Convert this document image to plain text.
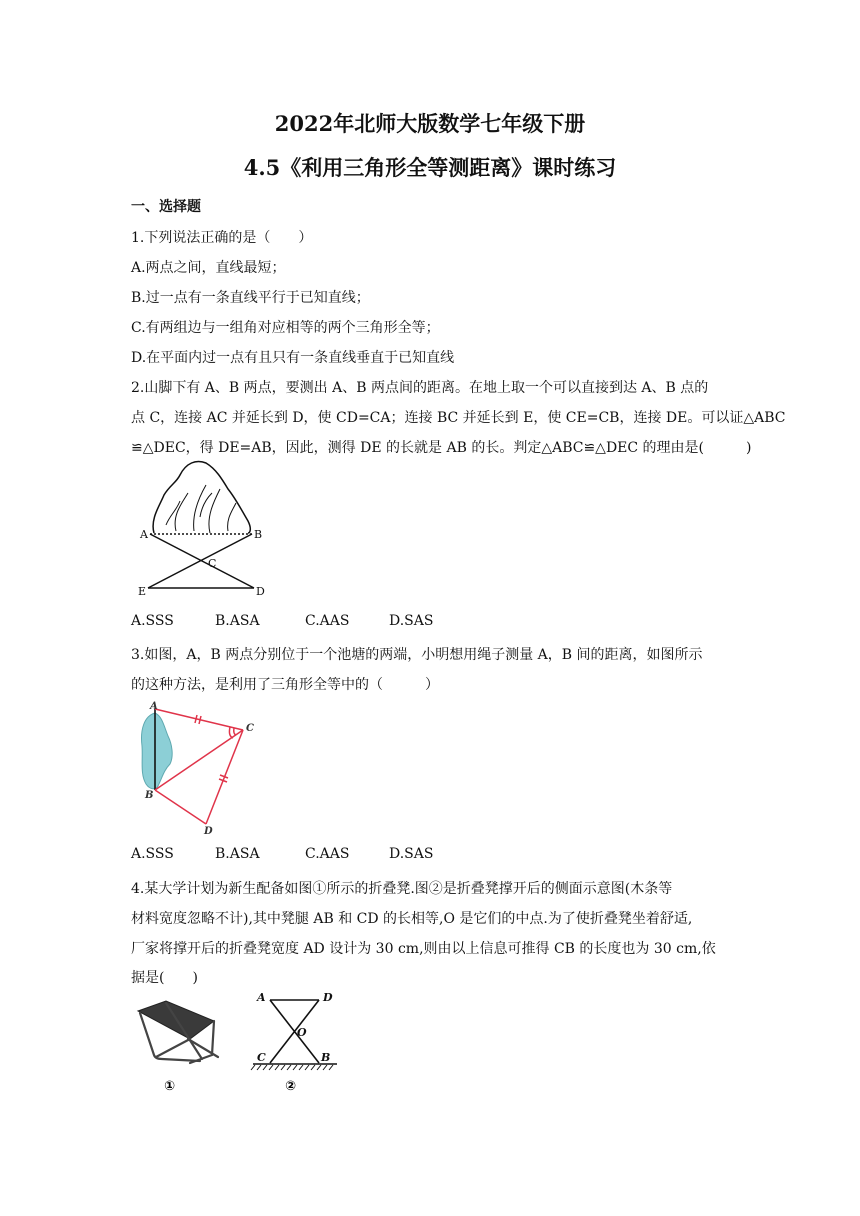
2022年北师大版数学七年级下册
4.5《利用三角形全等测距离》课时练习
一、选择题
1.下列说法正确的是（　　）
A.两点之间，直线最短；
B.过一点有一条直线平行于已知直线；
C.有两组边与一组角对应相等的两个三角形全等；
D.在平面内过一点有且只有一条直线垂直于已知直线
2.山脚下有 A、B 两点，要测出 A、B 两点间的距离。在地上取一个可以直接到达 A、B 点的
点 C，连接 AC 并延长到 D，使 CD=CA；连接 BC 并延长到 E，使 CE=CB，连接 DE。可以证△ABC
≌△DEC，得 DE=AB，因此，测得 DE 的长就是 AB 的长。判定△ABC≌△DEC 的理由是(　　　)
A	B
C
E	D
A.SSS	B.ASA	C.AAS	D.SAS
3.如图，A，B 两点分别位于一个池塘的两端，小明想用绳子测量 A，B 间的距离，如图所示
的这种方法，是利用了三角形全等中的（　　　）
A
C
B
D
A.SSS	B.ASA	C.AAS	D.SAS
4.某大学计划为新生配备如图①所示的折叠凳.图②是折叠凳撑开后的侧面示意图(木条等
材料宽度忽略不计),其中凳腿 AB 和 CD 的长相等,O 是它们的中点.为了使折叠凳坐着舒适,
厂家将撑开后的折叠凳宽度 AD 设计为 30 cm,则由以上信息可推得 CB 的长度也为 30 cm,依
据是(　　)
①
A	D
O
C	B
②
